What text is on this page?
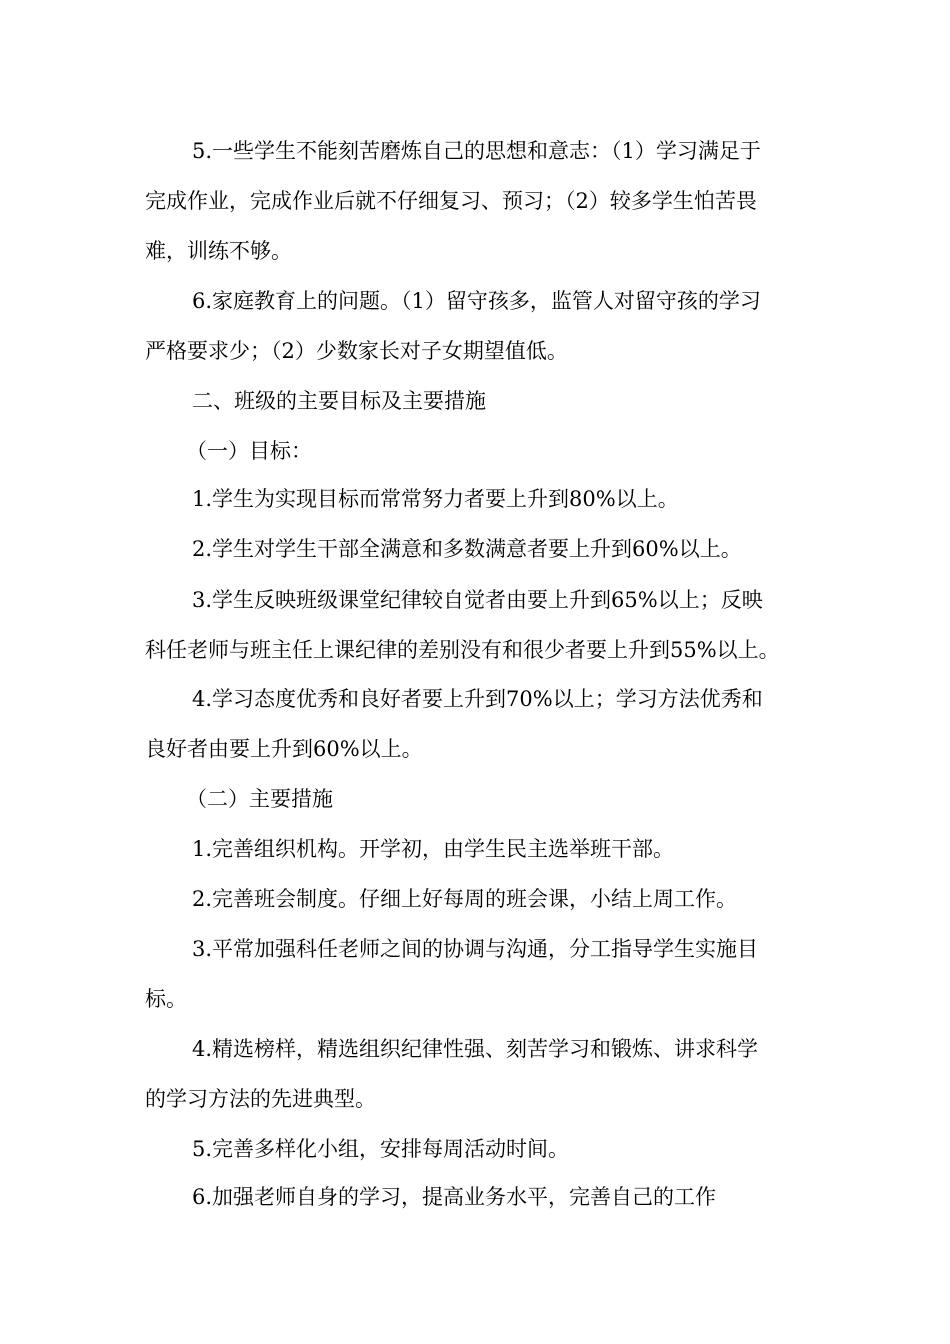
5.一些学生不能刻苦磨炼自己的思想和意志：（1）学习满足于
完成作业，完成作业后就不仔细复习、预习；（2）较多学生怕苦畏
难，训练不够。
6.家庭教育上的问题。（1）留守孩多，监管人对留守孩的学习
严格要求少；（2）少数家长对子女期望值低。
二、班级的主要目标及主要措施
（一）目标：
1.学生为实现目标而常常努力者要上升到80%以上。
2.学生对学生干部全满意和多数满意者要上升到60%以上。
3.学生反映班级课堂纪律较自觉者由要上升到65%以上；反映
科任老师与班主任上课纪律的差别没有和很少者要上升到55%以上。
4.学习态度优秀和良好者要上升到70%以上；学习方法优秀和
良好者由要上升到60%以上。
（二）主要措施
1.完善组织机构。开学初，由学生民主选举班干部。
2.完善班会制度。仔细上好每周的班会课，小结上周工作。
3.平常加强科任老师之间的协调与沟通，分工指导学生实施目
标。
4.精选榜样，精选组织纪律性强、刻苦学习和锻炼、讲求科学
的学习方法的先进典型。
5.完善多样化小组，安排每周活动时间。
6.加强老师自身的学习，提高业务水平，完善自己的工作
